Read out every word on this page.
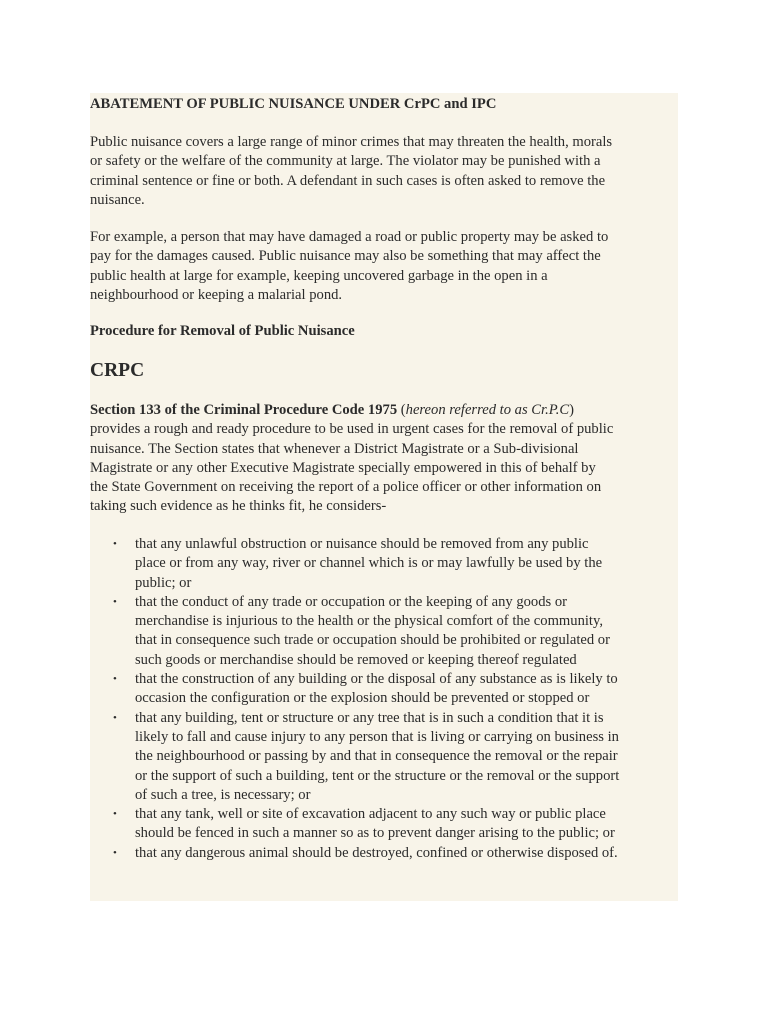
ABATEMENT OF PUBLIC NUISANCE UNDER CrPC and IPC

Public nuisance covers a large range of minor crimes that may threaten the health, morals
or safety or the welfare of the community at large. The violator may be punished with a
criminal sentence or fine or both. A defendant in such cases is often asked to remove the
nuisance.

For example, a person that may have damaged a road or public property may be asked to
pay for the damages caused. Public nuisance may also be something that may affect the
public health at large for example, keeping uncovered garbage in the open in a
neighbourhood or keeping a malarial pond.

Procedure for Removal of Public Nuisance
CRPC

Section 133 of the Criminal Procedure Code 1975 (hereon referred to as Cr.P.C)
provides a rough and ready procedure to be used in urgent cases for the removal of public
nuisance. The Section states that whenever a District Magistrate or a Sub-divisional
Magistrate or any other Executive Magistrate specially empowered in this of behalf by
the State Government on receiving the report of a police officer or other information on
taking such evidence as he thinks fit, he considers-

• that any unlawful obstruction or nuisance should be removed from any public
place or from any way, river or channel which is or may lawfully be used by the
public; or
• that the conduct of any trade or occupation or the keeping of any goods or
merchandise is injurious to the health or the physical comfort of the community,
that in consequence such trade or occupation should be prohibited or regulated or
such goods or merchandise should be removed or keeping thereof regulated
• that the construction of any building or the disposal of any substance as is likely to
occasion the configuration or the explosion should be prevented or stopped or
• that any building, tent or structure or any tree that is in such a condition that it is
likely to fall and cause injury to any person that is living or carrying on business in
the neighbourhood or passing by and that in consequence the removal or the repair
or the support of such a building, tent or the structure or the removal or the support
of such a tree, is necessary; or
• that any tank, well or site of excavation adjacent to any such way or public place
should be fenced in such a manner so as to prevent danger arising to the public; or
• that any dangerous animal should be destroyed, confined or otherwise disposed of.
